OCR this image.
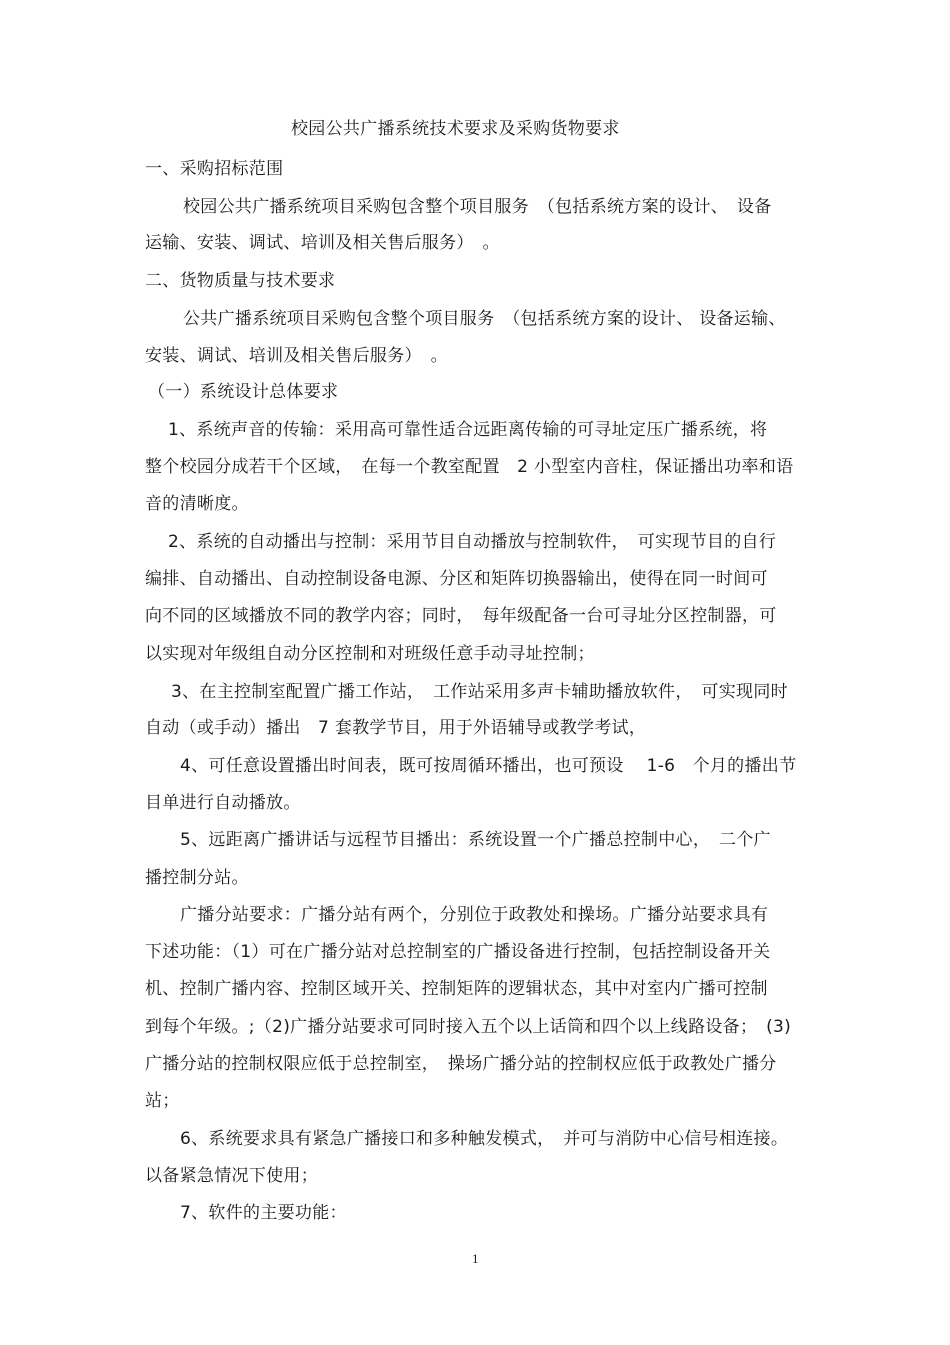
校园公共广播系统技术要求及采购货物要求
一、采购招标范围
校园公共广播系统项目采购包含整个项目服务　（包括系统方案的设计、　设备
运输、安装、调试、培训及相关售后服务）　。
二、货物质量与技术要求
公共广播系统项目采购包含整个项目服务　（包括系统方案的设计、 设备运输、
安装、调试、培训及相关售后服务）　。
（一）系统设计总体要求
1、系统声音的传输：采用高可靠性适合远距离传输的可寻址定压广播系统，将
整个校园分成若干个区域，　在每一个教室配置　2 小型室内音柱，保证播出功率和语
音的清晰度。
2、系统的自动播出与控制：采用节目自动播放与控制软件，　可实现节目的自行
编排、自动播出、自动控制设备电源、分区和矩阵切换器输出，使得在同一时间可
向不同的区域播放不同的教学内容；同时，　每年级配备一台可寻址分区控制器，可
以实现对年级组自动分区控制和对班级任意手动寻址控制；
3、在主控制室配置广播工作站，　工作站采用多声卡辅助播放软件，　可实现同时
自动（或手动）播出　7 套教学节目，用于外语辅导或教学考试，
4、可任意设置播出时间表，既可按周循环播出，也可预设　 1-6　个月的播出节
目单进行自动播放。
5、远距离广播讲话与远程节目播出：系统设置一个广播总控制中心，　二个广
播控制分站。
广播分站要求：广播分站有两个，分别位于政教处和操场。广播分站要求具有
下述功能：（1）可在广播分站对总控制室的广播设备进行控制，包括控制设备开关
机、控制广播内容、控制区域开关、控制矩阵的逻辑状态，其中对室内广播可控制
到每个年级。;（2)广播分站要求可同时接入五个以上话筒和四个以上线路设备；　(3)
广播分站的控制权限应低于总控制室，　操场广播分站的控制权应低于政教处广播分
站；
6、系统要求具有紧急广播接口和多种触发模式，　并可与消防中心信号相连接。
以备紧急情况下使用；
7、软件的主要功能：
1
